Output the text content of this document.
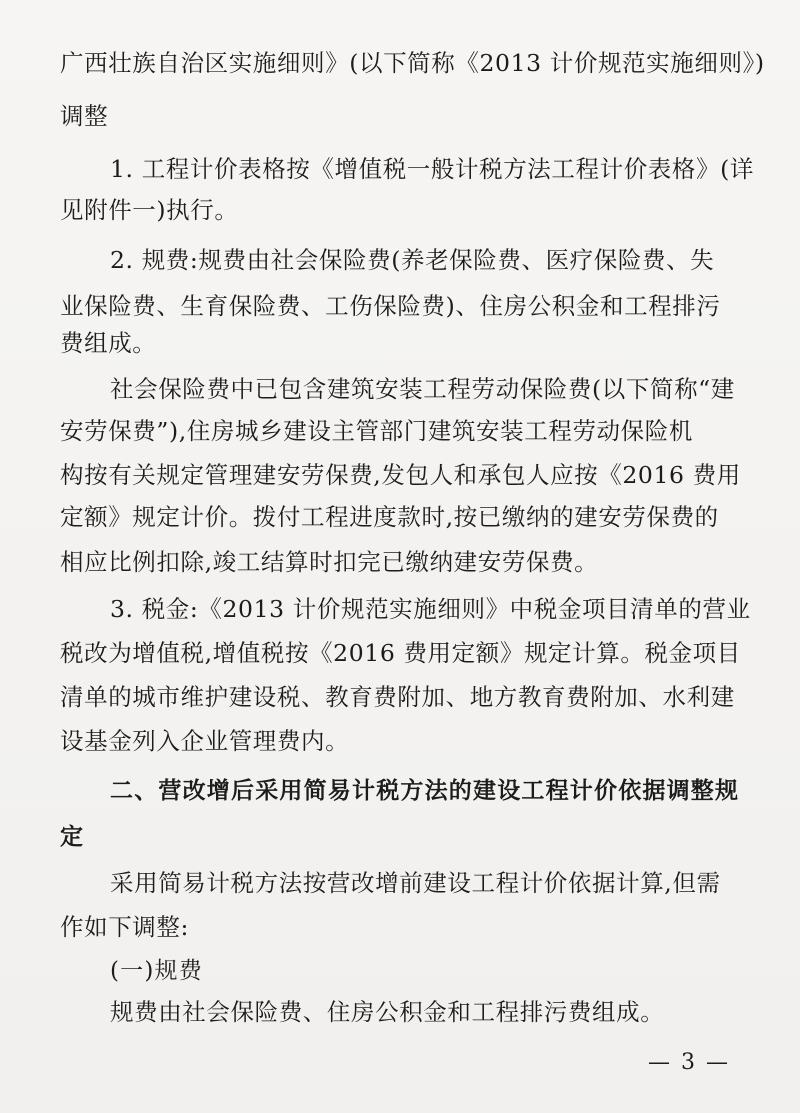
广西壮族自治区实施细则》(以下简称《2013 计价规范实施细则》)
调整
1. 工程计价表格按《增值税一般计税方法工程计价表格》(详
见附件一)执行。
2. 规费:规费由社会保险费(养老保险费、医疗保险费、失
业保险费、生育保险费、工伤保险费)、住房公积金和工程排污
费组成。
社会保险费中已包含建筑安装工程劳动保险费(以下简称“建
安劳保费”),住房城乡建设主管部门建筑安装工程劳动保险机
构按有关规定管理建安劳保费,发包人和承包人应按《2016 费用
定额》规定计价。拨付工程进度款时,按已缴纳的建安劳保费的
相应比例扣除,竣工结算时扣完已缴纳建安劳保费。
3. 税金:《2013 计价规范实施细则》中税金项目清单的营业
税改为增值税,增值税按《2016 费用定额》规定计算。税金项目
清单的城市维护建设税、教育费附加、地方教育费附加、水利建
设基金列入企业管理费内。
二、营改增后采用简易计税方法的建设工程计价依据调整规
定
采用简易计税方法按营改增前建设工程计价依据计算,但需
作如下调整:
(一)规费
规费由社会保险费、住房公积金和工程排污费组成。
— 3 —
